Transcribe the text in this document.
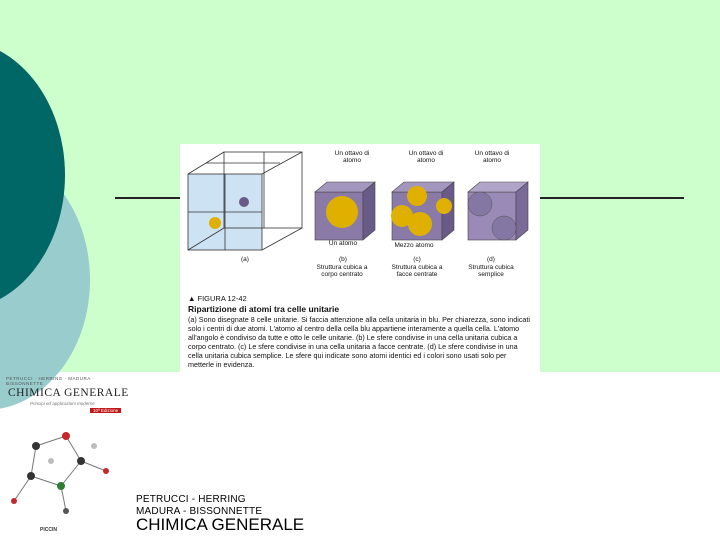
Un ottavo di atomo
Un ottavo di atomo
Un ottavo di atomo
Un atomo	Mezzo atomo
(a)	(b)	(c)	(d)
Struttura cubica a corpo centrato
Struttura cubica a facce centrate
Struttura cubica semplice
▲ FIGURA 12-42
Ripartizione di atomi tra celle unitarie
(a) Sono disegnate 8 celle unitarie. Si faccia attenzione alla cella unitaria in blu. Per chiarezza, sono indicati solo i centri di due atomi. L'atomo al centro della cella blu appartiene interamente a quella cella. L'atomo all'angolo è condiviso da tutte e otto le celle unitarie. (b) Le sfere condivise in una cella unitaria cubica a corpo centrato. (c) Le sfere condivise in una cella unitaria a facce centrate. (d) Le sfere condivise in una cella unitaria cubica semplice. Le sfere qui indicate sono atomi identici ed i colori sono usati solo per metterle in evidenza.
PETRUCCI · HERRING · MADURA · BISSONNETTE
CHIMICA GENERALE
Principi ed applicazioni moderne
10ª Edizione
PICCIN
PETRUCCI - HERRING
MADURA - BISSONNETTE
CHIMICA GENERALE
